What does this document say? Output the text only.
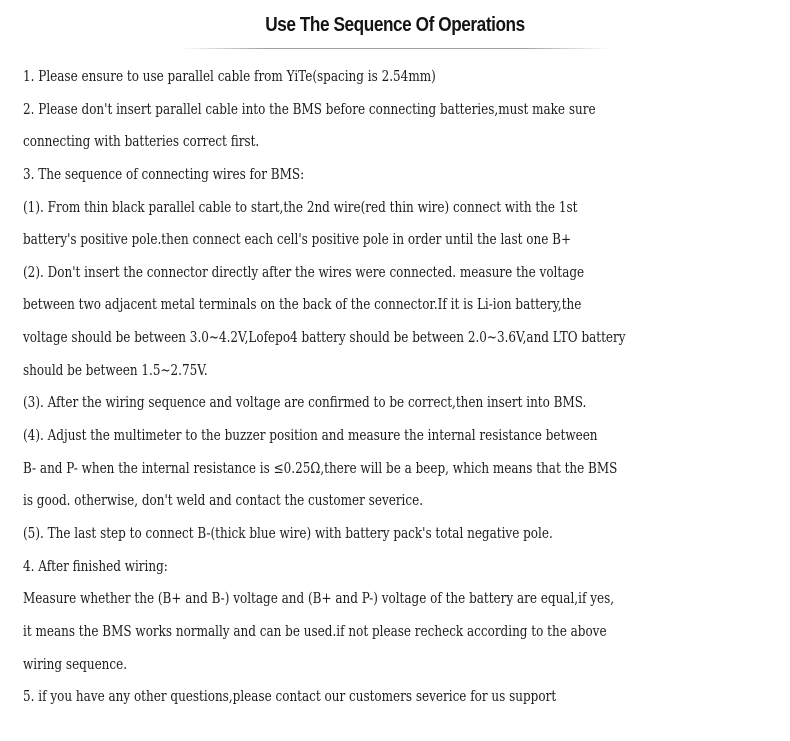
Use The Sequence Of Operations
1. Please ensure to use parallel cable from YiTe(spacing is 2.54mm)
2. Please don't insert parallel cable into the BMS before connecting batteries,must make sure
connecting with batteries correct first.
3. The sequence of connecting wires for BMS:
(1). From thin black parallel cable to start,the 2nd wire(red thin wire) connect with the 1st
battery's positive pole.then connect each cell's positive pole in order until the last one B+
(2). Don't insert the connector directly after the wires were connected. measure the voltage
between two adjacent metal terminals on the back of the connector.If it is Li-ion battery,the
voltage should be between 3.0~4.2V,Lofepo4 battery should be between 2.0~3.6V,and LTO battery
should be between 1.5~2.75V.
(3). After the wiring sequence and voltage are confirmed to be correct,then insert into BMS.
(4). Adjust the multimeter to the buzzer position and measure the internal resistance between
B- and P- when the internal resistance is ≤0.25Ω,there will be a beep, which means that the BMS
is good. otherwise, don't weld and contact the customer severice.
(5). The last step to connect B-(thick blue wire) with battery pack's total negative pole.
4. After finished wiring:
Measure whether the (B+ and B-) voltage and (B+ and P-) voltage of the battery are equal,if yes,
it means the BMS works normally and can be used.if not please recheck according to the above
wiring sequence.
5. if you have any other questions,please contact our customers severice for us support
